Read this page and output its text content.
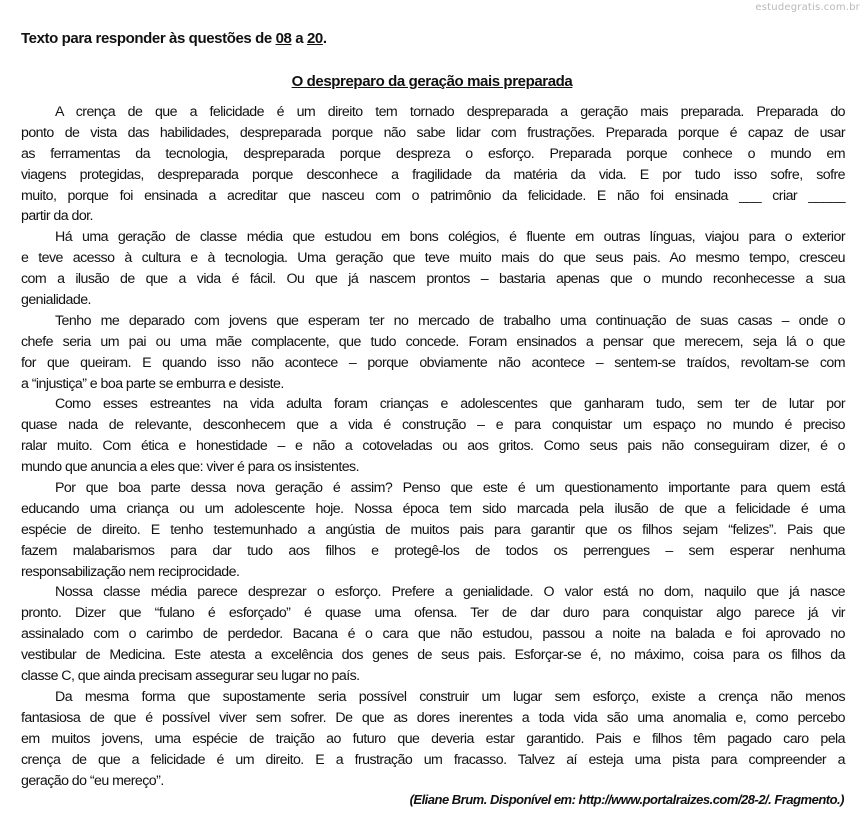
estudegratis.com.br
Texto para responder às questões de 08 a 20.
O despreparo da geração mais preparada
A crença de que a felicidade é um direito tem tornado despreparada a geração mais preparada. Preparada do
ponto de vista das habilidades, despreparada porque não sabe lidar com frustrações. Preparada porque é capaz de usar
as ferramentas da tecnologia, despreparada porque despreza o esforço. Preparada porque conhece o mundo em
viagens protegidas, despreparada porque desconhece a fragilidade da matéria da vida. E por tudo isso sofre, sofre
muito, porque foi ensinada a acreditar que nasceu com o patrimônio da felicidade. E não foi ensinada ___ criar _____
partir da dor.
Há uma geração de classe média que estudou em bons colégios, é fluente em outras línguas, viajou para o exterior
e teve acesso à cultura e à tecnologia. Uma geração que teve muito mais do que seus pais. Ao mesmo tempo, cresceu
com a ilusão de que a vida é fácil. Ou que já nascem prontos – bastaria apenas que o mundo reconhecesse a sua
genialidade.
Tenho me deparado com jovens que esperam ter no mercado de trabalho uma continuação de suas casas – onde o
chefe seria um pai ou uma mãe complacente, que tudo concede. Foram ensinados a pensar que merecem, seja lá o que
for que queiram. E quando isso não acontece – porque obviamente não acontece – sentem-se traídos, revoltam-se com
a “injustiça” e boa parte se emburra e desiste.
Como esses estreantes na vida adulta foram crianças e adolescentes que ganharam tudo, sem ter de lutar por
quase nada de relevante, desconhecem que a vida é construção – e para conquistar um espaço no mundo é preciso
ralar muito. Com ética e honestidade – e não a cotoveladas ou aos gritos. Como seus pais não conseguiram dizer, é o
mundo que anuncia a eles que: viver é para os insistentes.
Por que boa parte dessa nova geração é assim? Penso que este é um questionamento importante para quem está
educando uma criança ou um adolescente hoje. Nossa época tem sido marcada pela ilusão de que a felicidade é uma
espécie de direito. E tenho testemunhado a angústia de muitos pais para garantir que os filhos sejam “felizes”. Pais que
fazem malabarismos para dar tudo aos filhos e protegê-los de todos os perrengues – sem esperar nenhuma
responsabilização nem reciprocidade.
Nossa classe média parece desprezar o esforço. Prefere a genialidade. O valor está no dom, naquilo que já nasce
pronto. Dizer que “fulano é esforçado” é quase uma ofensa. Ter de dar duro para conquistar algo parece já vir
assinalado com o carimbo de perdedor. Bacana é o cara que não estudou, passou a noite na balada e foi aprovado no
vestibular de Medicina. Este atesta a excelência dos genes de seus pais. Esforçar-se é, no máximo, coisa para os filhos da
classe C, que ainda precisam assegurar seu lugar no país.
Da mesma forma que supostamente seria possível construir um lugar sem esforço, existe a crença não menos
fantasiosa de que é possível viver sem sofrer. De que as dores inerentes a toda vida são uma anomalia e, como percebo
em muitos jovens, uma espécie de traição ao futuro que deveria estar garantido. Pais e filhos têm pagado caro pela
crença de que a felicidade é um direito. E a frustração um fracasso. Talvez aí esteja uma pista para compreender a
geração do “eu mereço”.
(Eliane Brum. Disponível em: http://www.portalraizes.com/28-2/. Fragmento.)
